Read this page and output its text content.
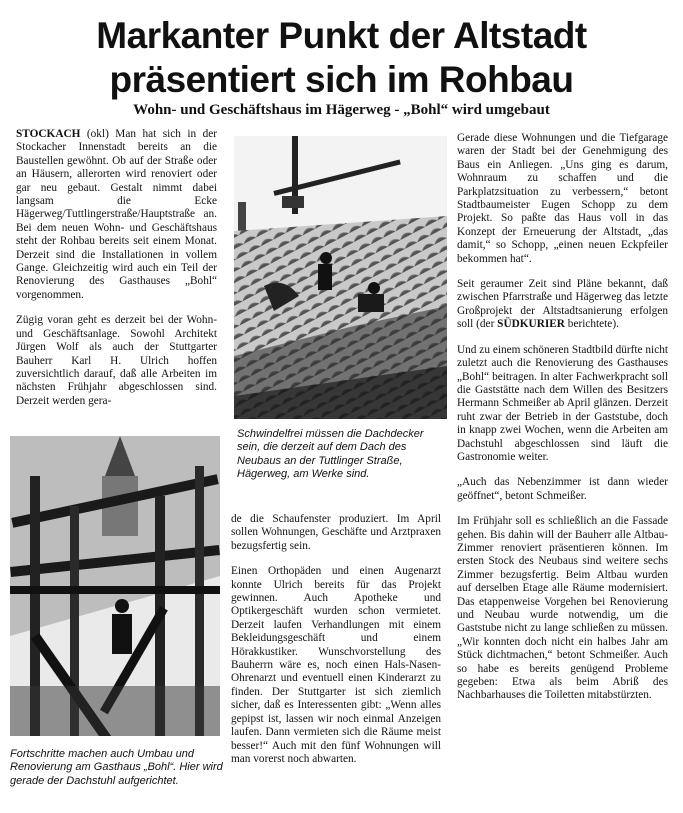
Markanter Punkt der Altstadt
präsentiert sich im Rohbau
Wohn- und Geschäftshaus im Hägerweg - „Bohl“ wird umgebaut

STOCKACH (okl) Man hat sich in der Stockacher Innenstadt bereits an die Baustellen gewöhnt. Ob auf der Straße oder an Häusern, allerorten wird renoviert oder gar neu gebaut. Gestalt nimmt dabei langsam die Ecke Hägerweg/Tuttlingerstraße/Hauptstraße an. Bei dem neuen Wohn- und Geschäftshaus steht der Rohbau bereits seit einem Monat. Derzeit sind die Installationen in vollem Gange. Gleichzeitig wird auch ein Teil der Renovierung des Gasthauses „Bohl“ vorgenommen.

Zügig voran geht es derzeit bei der Wohn- und Geschäftsanlage. Sowohl Architekt Jürgen Wolf als auch der Stuttgarter Bauherr Karl H. Ulrich hoffen zuversichtlich darauf, daß alle Arbeiten im nächsten Frühjahr abgeschlossen sind. Derzeit werden gera-

Schwindelfrei müssen die Dachdecker sein, die derzeit auf dem Dach des Neubaus an der Tuttlinger Straße, Hägerweg, am Werke sind.
Fortschritte machen auch Umbau und Renovierung am Gasthaus „Bohl“. Hier wird gerade der Dachstuhl aufgerichtet.

de die Schaufenster produziert. Im April sollen Wohnungen, Geschäfte und Arztpraxen bezugsfertig sein.

Einen Orthopäden und einen Augenarzt konnte Ulrich bereits für das Projekt gewinnen. Auch Apotheke und Optikergeschäft wurden schon vermietet. Derzeit laufen Verhandlungen mit einem Bekleidungsgeschäft und einem Hörakkustiker. Wunschvorstellung des Bauherrn wäre es, noch einen Hals-Nasen-Ohrenarzt und eventuell einen Kinderarzt zu finden. Der Stuttgarter ist sich ziemlich sicher, daß es Interessenten gibt: „Wenn alles gepipst ist, lassen wir noch einmal Anzeigen laufen. Dann vermieten sich die Räume meist besser!“ Auch mit den fünf Wohnungen will man vorerst noch abwarten.

Gerade diese Wohnungen und die Tiefgarage waren der Stadt bei der Genehmigung des Baus ein Anliegen. „Uns ging es darum, Wohnraum zu schaffen und die Parkplatzsituation zu verbessern,“ betont Stadtbaumeister Eugen Schopp zu dem Projekt. So paßte das Haus voll in das Konzept der Erneuerung der Altstadt, „das damit,“ so Schopp, „einen neuen Eckpfeiler bekommen hat“.

Seit geraumer Zeit sind Pläne bekannt, daß zwischen Pfarrstraße und Hägerweg das letzte Großprojekt der Altstadtsanierung erfolgen soll (der SÜDKURIER berichtete).

Und zu einem schöneren Stadtbild dürfte nicht zuletzt auch die Renovierung des Gasthauses „Bohl“ beitragen. In alter Fachwerkpracht soll die Gaststätte nach dem Willen des Besitzers Hermann Schmeißer ab April glänzen. Derzeit ruht zwar der Betrieb in der Gaststube, doch in knapp zwei Wochen, wenn die Arbeiten am Dachstuhl abgeschlossen sind läuft die Gastronomie weiter.

„Auch das Nebenzimmer ist dann wieder geöffnet“, betont Schmeißer.

Im Frühjahr soll es schließlich an die Fassade gehen. Bis dahin will der Bauherr alle Altbau-Zimmer renoviert präsentieren können. Im ersten Stock des Neubaus sind weitere sechs Zimmer bezugsfertig. Beim Altbau wurden auf derselben Etage alle Räume modernisiert. Das etappenweise Vorgehen bei Renovierung und Neubau wurde notwendig, um die Gaststube nicht zu lange schließen zu müssen. „Wir konnten doch nicht ein halbes Jahr am Stück dichtmachen,“ betont Schmeißer. Auch so habe es bereits genügend Probleme gegeben: Etwa als beim Abriß des Nachbarhauses die Toiletten mitabstürzten.
